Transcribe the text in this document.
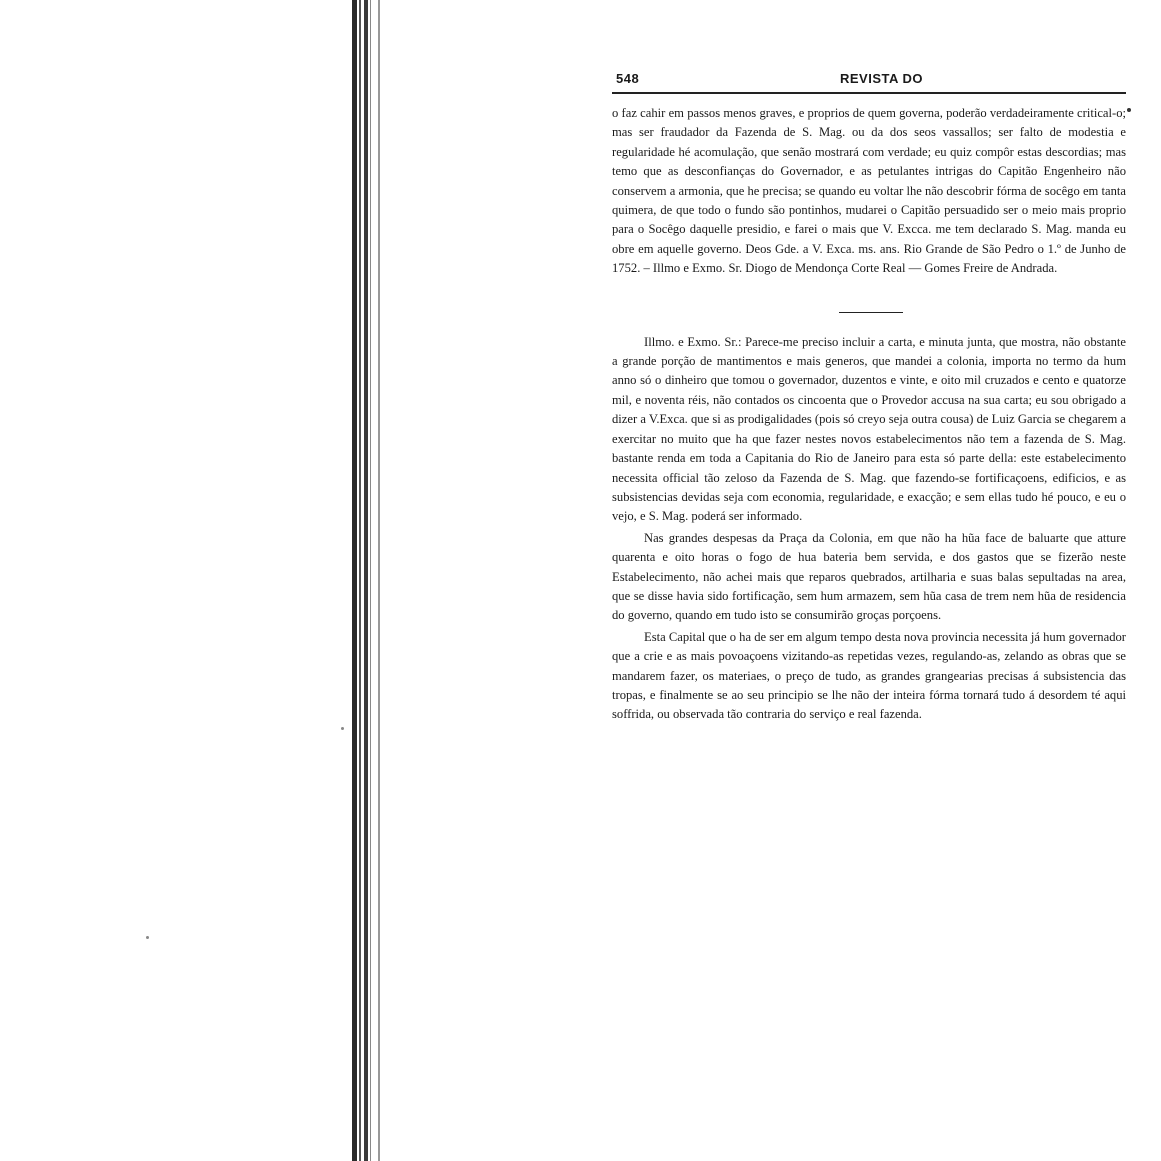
548	REVISTA DO

o faz cahir em passos menos graves, e proprios de quem governa, poderão verdadeiramente critical-o; mas ser fraudador da Fazenda de S. Mag. ou da dos seos vassallos; ser falto de modestia e regularidade hé acomulação, que senão mostrará com verdade; eu quiz compôr estas descordias; mas temo que as desconfianças do Governador, e as petulantes intrigas do Capitão Engenheiro não conservem a armonia, que he precisa; se quando eu voltar lhe não descobrir fórma de socêgo em tanta quimera, de que todo o fundo são pontinhos, mudarei o Capitão persuadido ser o meio mais proprio para o Socêgo daquelle presidio, e farei o mais que V. Excca. me tem declarado S. Mag. manda eu obre em aquelle governo. Deos Gde. a V. Exca. ms. ans. Rio Grande de São Pedro o 1.º de Junho de 1752. – Illmo e Exmo. Sr. Diogo de Mendonça Corte Real — Gomes Freire de Andrada.

Illmo. e Exmo. Sr.: Parece-me preciso incluir a carta, e minuta junta, que mostra, não obstante a grande porção de mantimentos e mais generos, que mandei a colonia, importa no termo da hum anno só o dinheiro que tomou o governador, duzentos e vinte, e oito mil cruzados e cento e quatorze mil, e noventa réis, não contados os cincoenta que o Provedor accusa na sua carta; eu sou obrigado a dizer a V.Exca. que si as prodigalidades (pois só creyo seja outra cousa) de Luiz Garcia se chegarem a exercitar no muito que ha que fazer nestes novos estabelecimentos não tem a fazenda de S. Mag. bastante renda em toda a Capitania do Rio de Janeiro para esta só parte della: este estabelecimento necessita official tão zeloso da Fazenda de S. Mag. que fazendo-se fortificaçoens, edificios, e as subsistencias devidas seja com economia, regularidade, e exacção; e sem ellas tudo hé pouco, e eu o vejo, e S. Mag. poderá ser informado.

Nas grandes despesas da Praça da Colonia, em que não ha hũa face de baluarte que atture quarenta e oito horas o fogo de hua bateria bem servida, e dos gastos que se fizerão neste Estabelecimento, não achei mais que reparos quebrados, artilharia e suas balas sepultadas na area, que se disse havia sido fortificação, sem hum armazem, sem hũa casa de trem nem hũa de residencia do governo, quando em tudo isto se consumirão groças porçoens.

Esta Capital que o ha de ser em algum tempo desta nova provincia necessita já hum governador que a crie e as mais povoaçoens vizitando-as repetidas vezes, regulando-as, zelando as obras que se mandarem fazer, os materiaes, o preço de tudo, as grandes grangearias precisas á subsistencia das tropas, e finalmente se ao seu principio se lhe não der inteira fórma tornará tudo á desordem té aqui soffrida, ou observada tão contraria do serviço e real fazenda.
